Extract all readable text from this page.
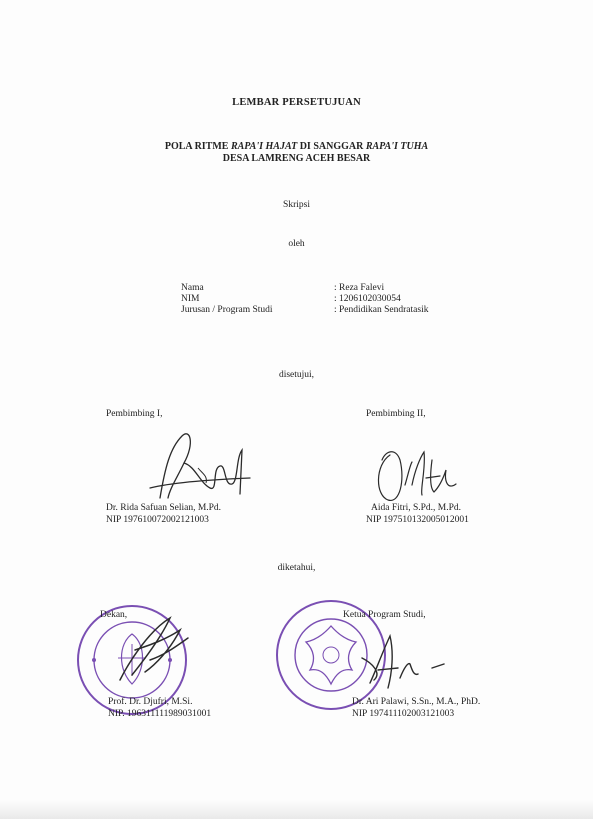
LEMBAR PERSETUJUAN
POLA RITME RAPA'I HAJAT DI SANGGAR RAPA'I TUHA
DESA LAMRENG ACEH BESAR
Skripsi
oleh
Nama	: Reza Falevi
NIM	: 1206102030054
Jurusan / Program Studi	: Pendidikan Sendratasik
disetujui,
Pembimbing I,
Dr. Rida Safuan Selian, M.Pd.
NIP 197610072002121003
Pembimbing II,
Aida Fitri, S.Pd., M.Pd.
NIP 197510132005012001
diketahui,
Dekan,
Prof. Dr. Djufri, M.Si.
NIP. 196311111989031001
Ketua Program Studi,
Dr. Ari Palawi, S.Sn., M.A., PhD.
NIP 197411102003121003
